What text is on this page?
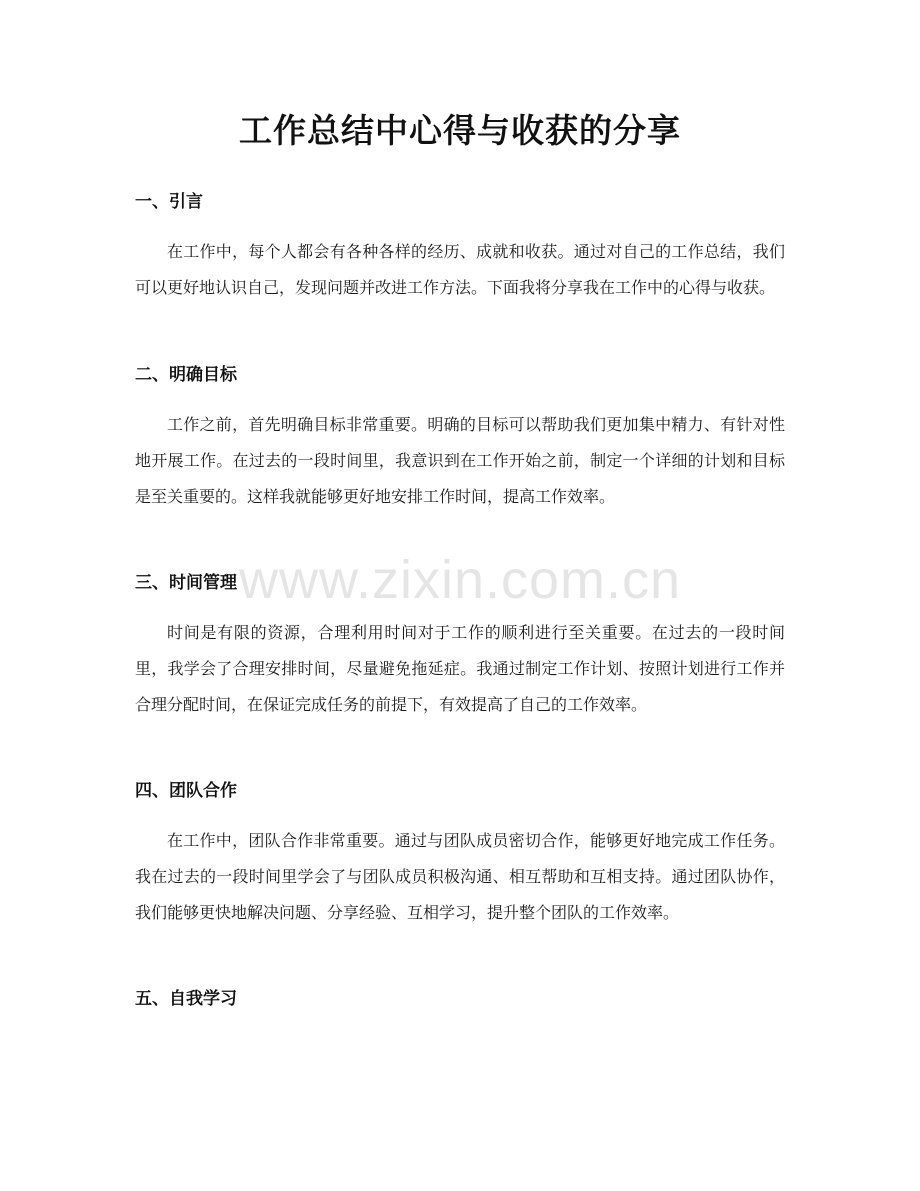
工作总结中心得与收获的分享
一、引言

在工作中，每个人都会有各种各样的经历、成就和收获。通过对自己的工作总结，我们可以更好地认识自己，发现问题并改进工作方法。下面我将分享我在工作中的心得与收获。

二、明确目标

工作之前，首先明确目标非常重要。明确的目标可以帮助我们更加集中精力、有针对性地开展工作。在过去的一段时间里，我意识到在工作开始之前，制定一个详细的计划和目标是至关重要的。这样我就能够更好地安排工作时间，提高工作效率。

三、时间管理

时间是有限的资源，合理利用时间对于工作的顺利进行至关重要。在过去的一段时间里，我学会了合理安排时间，尽量避免拖延症。我通过制定工作计划、按照计划进行工作并合理分配时间，在保证完成任务的前提下，有效提高了自己的工作效率。

四、团队合作

在工作中，团队合作非常重要。通过与团队成员密切合作，能够更好地完成工作任务。我在过去的一段时间里学会了与团队成员积极沟通、相互帮助和互相支持。通过团队协作，我们能够更快地解决问题、分享经验、互相学习，提升整个团队的工作效率。

五、自我学习
www.zixin.com.cn
